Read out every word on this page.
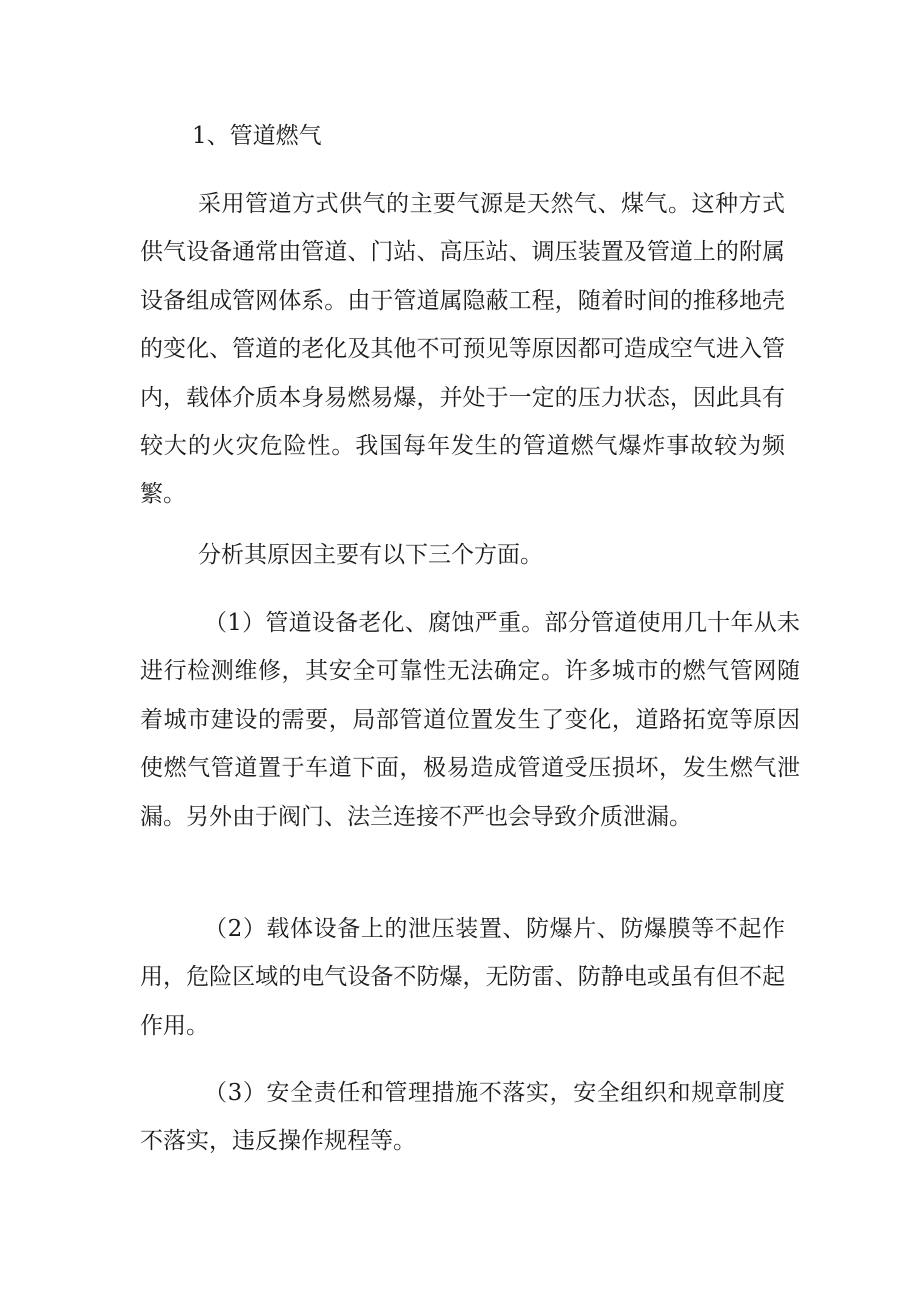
1、管道燃气

采用管道方式供气的主要气源是天然气、煤气。这种方式供气设备通常由管道、门站、高压站、调压装置及管道上的附属设备组成管网体系。由于管道属隐蔽工程，随着时间的推移地壳的变化、管道的老化及其他不可预见等原因都可造成空气进入管内，载体介质本身易燃易爆，并处于一定的压力状态，因此具有较大的火灾危险性。我国每年发生的管道燃气爆炸事故较为频繁。

分析其原因主要有以下三个方面。

（1）管道设备老化、腐蚀严重。部分管道使用几十年从未进行检测维修，其安全可靠性无法确定。许多城市的燃气管网随着城市建设的需要，局部管道位置发生了变化，道路拓宽等原因使燃气管道置于车道下面，极易造成管道受压损坏，发生燃气泄漏。另外由于阀门、法兰连接不严也会导致介质泄漏。

（2）载体设备上的泄压装置、防爆片、防爆膜等不起作用，危险区域的电气设备不防爆，无防雷、防静电或虽有但不起作用。

（3）安全责任和管理措施不落实，安全组织和规章制度不落实，违反操作规程等。
